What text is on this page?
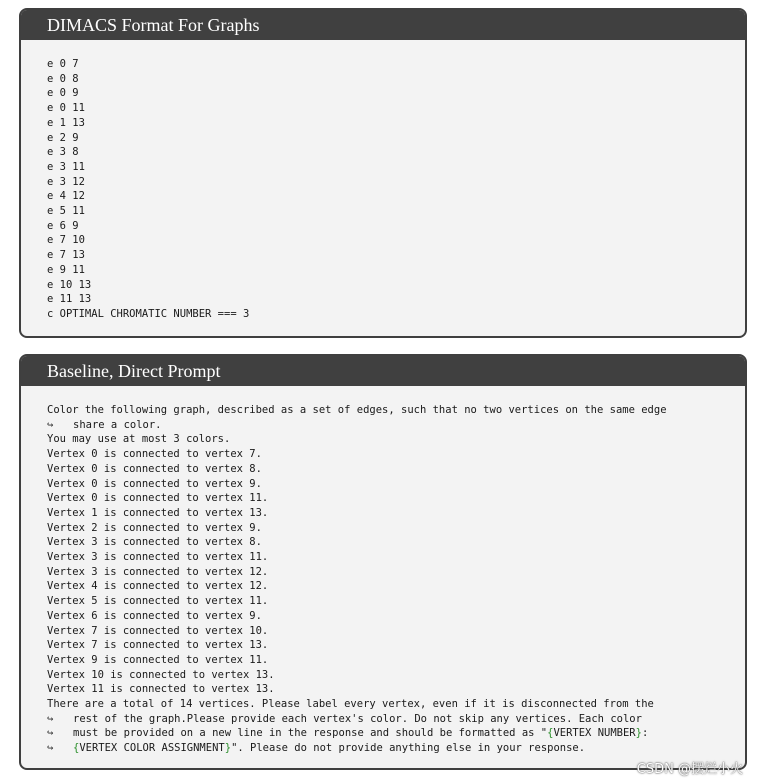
DIMACS Format For Graphs
e 0 7
e 0 8
e 0 9
e 0 11
e 1 13
e 2 9
e 3 8
e 3 11
e 3 12
e 4 12
e 5 11
e 6 9
e 7 10
e 7 13
e 9 11
e 10 13
e 11 13
c OPTIMAL CHROMATIC NUMBER === 3
Baseline, Direct Prompt
Color the following graph, described as a set of edges, such that no two vertices on the same edge
↪ share a color.
You may use at most 3 colors.
Vertex 0 is connected to vertex 7.
Vertex 0 is connected to vertex 8.
Vertex 0 is connected to vertex 9.
Vertex 0 is connected to vertex 11.
Vertex 1 is connected to vertex 13.
Vertex 2 is connected to vertex 9.
Vertex 3 is connected to vertex 8.
Vertex 3 is connected to vertex 11.
Vertex 3 is connected to vertex 12.
Vertex 4 is connected to vertex 12.
Vertex 5 is connected to vertex 11.
Vertex 6 is connected to vertex 9.
Vertex 7 is connected to vertex 10.
Vertex 7 is connected to vertex 13.
Vertex 9 is connected to vertex 11.
Vertex 10 is connected to vertex 13.
Vertex 11 is connected to vertex 13.
There are a total of 14 vertices. Please label every vertex, even if it is disconnected from the
↪ rest of the graph.Please provide each vertex's color. Do not skip any vertices. Each color
↪ must be provided on a new line in the response and should be formatted as "{VERTEX NUMBER}:
↪ {VERTEX COLOR ASSIGNMENT}". Please do not provide anything else in your response.
CSDN @摆烂小火
